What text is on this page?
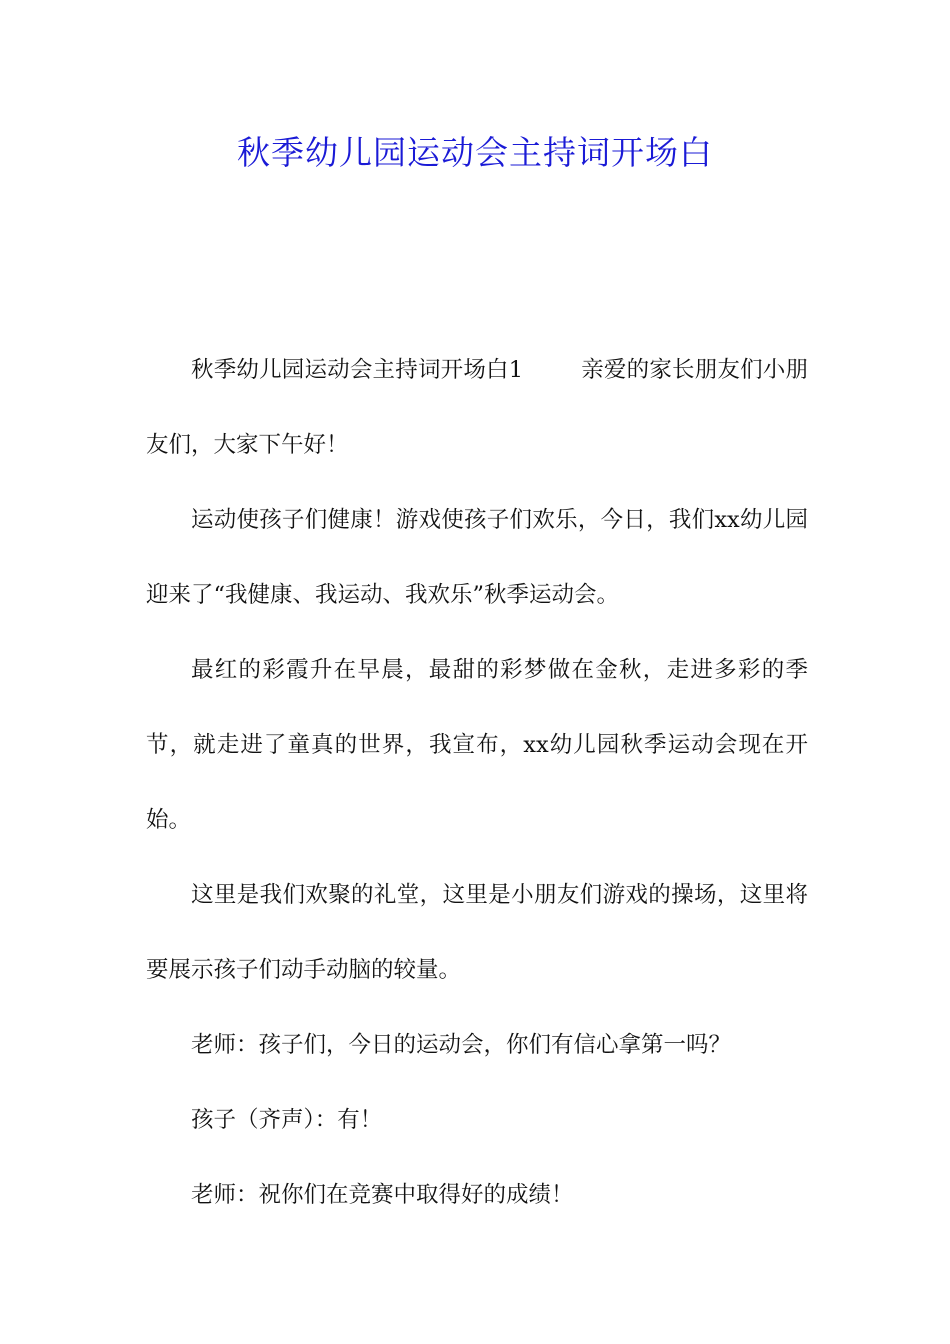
秋季幼儿园运动会主持词开场白

秋季幼儿园运动会主持词开场白1	亲爱的家长朋友们小朋友们，大家下午好！

运动使孩子们健康！游戏使孩子们欢乐，今日，我们xx幼儿园迎来了“我健康、我运动、我欢乐”秋季运动会。

最红的彩霞升在早晨，最甜的彩梦做在金秋，走进多彩的季节，就走进了童真的世界，我宣布，xx幼儿园秋季运动会现在开始。

这里是我们欢聚的礼堂，这里是小朋友们游戏的操场，这里将要展示孩子们动手动脑的较量。

老师：孩子们，今日的运动会，你们有信心拿第一吗？

孩子（齐声）：有！

老师：祝你们在竞赛中取得好的成绩！
